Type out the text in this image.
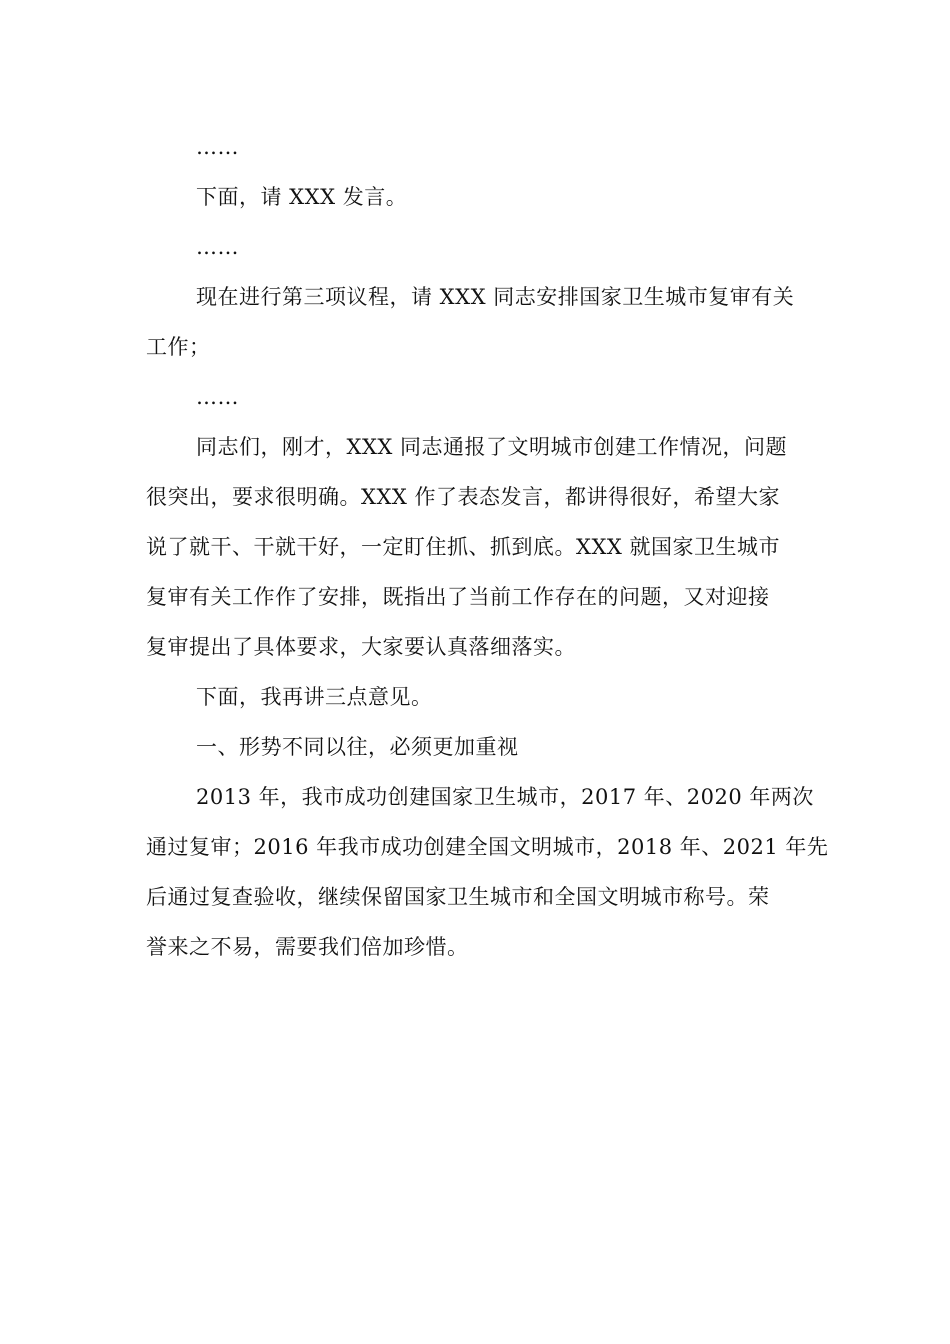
……
下面，请 XXX 发言。
……
现在进行第三项议程，请 XXX 同志安排国家卫生城市复审有关
工作；
……
同志们，刚才，XXX 同志通报了文明城市创建工作情况，问题
很突出，要求很明确。XXX 作了表态发言，都讲得很好，希望大家
说了就干、干就干好，一定盯住抓、抓到底。XXX 就国家卫生城市
复审有关工作作了安排，既指出了当前工作存在的问题，又对迎接
复审提出了具体要求，大家要认真落细落实。
下面，我再讲三点意见。
一、形势不同以往，必须更加重视
2013 年，我市成功创建国家卫生城市，2017 年、2020 年两次
通过复审；2016 年我市成功创建全国文明城市，2018 年、2021 年先
后通过复查验收，继续保留国家卫生城市和全国文明城市称号。荣
誉来之不易，需要我们倍加珍惜。
